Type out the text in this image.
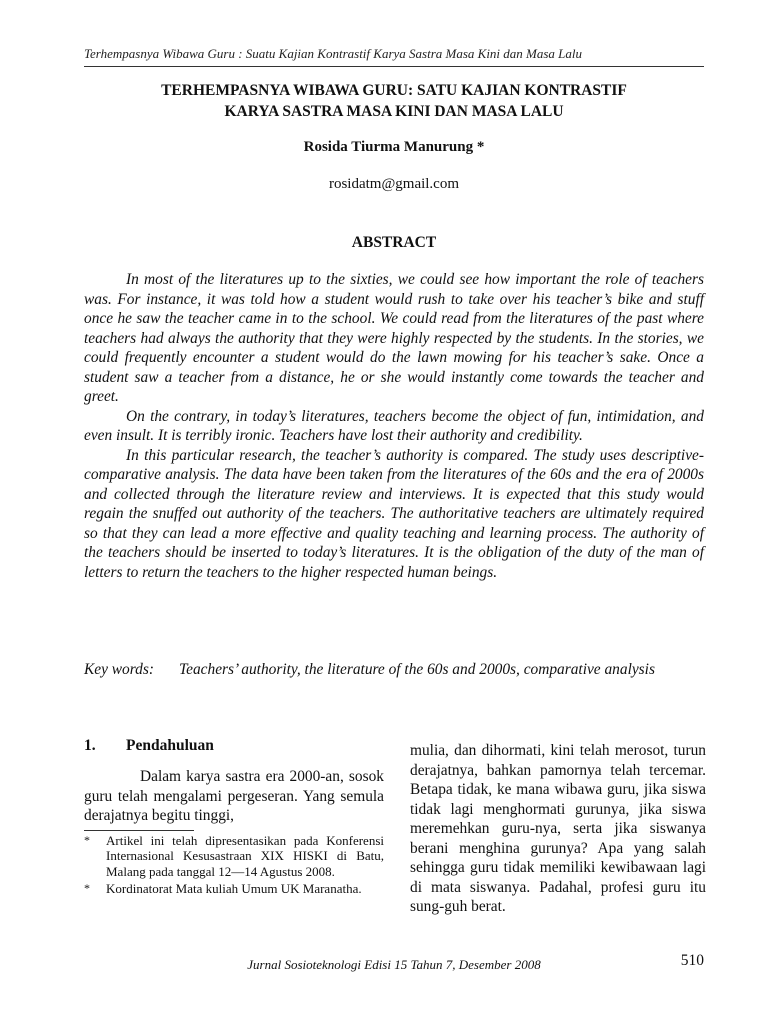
Terhempasnya Wibawa Guru : Suatu Kajian Kontrastif Karya Sastra Masa Kini dan Masa Lalu
TERHEMPASNYA WIBAWA GURU: SATU KAJIAN KONTRASTIF
KARYA SASTRA MASA KINI DAN MASA LALU
Rosida Tiurma Manurung *
rosidatm@gmail.com
ABSTRACT

In most of the literatures up to the sixties, we could see how important the role of teachers was. For instance, it was told how a student would rush to take over his teacher’s bike and stuff once he saw the teacher came in to the school. We could read from the literatures of the past where teachers had always the authority that they were highly respected by the students. In the stories, we could frequently encounter a student would do the lawn mowing for his teacher’s sake. Once a student saw a teacher from a distance, he or she would instantly come towards the teacher and greet.

On the contrary, in today’s literatures, teachers become the object of fun, intimidation, and even insult. It is terribly ironic. Teachers have lost their authority and credibility.

In this particular research, the teacher’s authority is compared. The study uses descriptive-comparative analysis. The data have been taken from the literatures of the 60s and the era of 2000s and collected through the literature review and interviews. It is expected that this study would regain the snuffed out authority of the teachers. The authoritative teachers are ultimately required so that they can lead a more effective and quality teaching and learning process. The authority of the teachers should be inserted to today’s literatures. It is the obligation of the duty of the man of letters to return the teachers to the higher respected human beings.

Key words:	Teachers’ authority, the literature of the 60s and 2000s, comparative analysis
1.	Pendahuluan
Dalam karya sastra era 2000-an, sosok guru telah mengalami pergeseran. Yang semula derajatnya begitu tinggi,
*	Artikel ini telah dipresentasikan pada Konferensi Internasional Kesusastraan XIX HISKI di Batu, Malang pada tanggal 12—14 Agustus 2008.
*	Kordinatorat Mata kuliah Umum UK Maranatha.
mulia, dan dihormati, kini telah merosot, turun derajatnya, bahkan pamornya telah tercemar. Betapa tidak, ke mana wibawa guru, jika siswa tidak lagi menghormati gurunya, jika siswa meremehkan guru-nya, serta jika siswanya berani menghina gurunya? Apa yang salah sehingga guru tidak memiliki kewibawaan lagi di mata siswanya. Padahal, profesi guru itu sung-guh berat.
Jurnal Sosioteknologi Edisi 15 Tahun 7, Desember 2008	510
